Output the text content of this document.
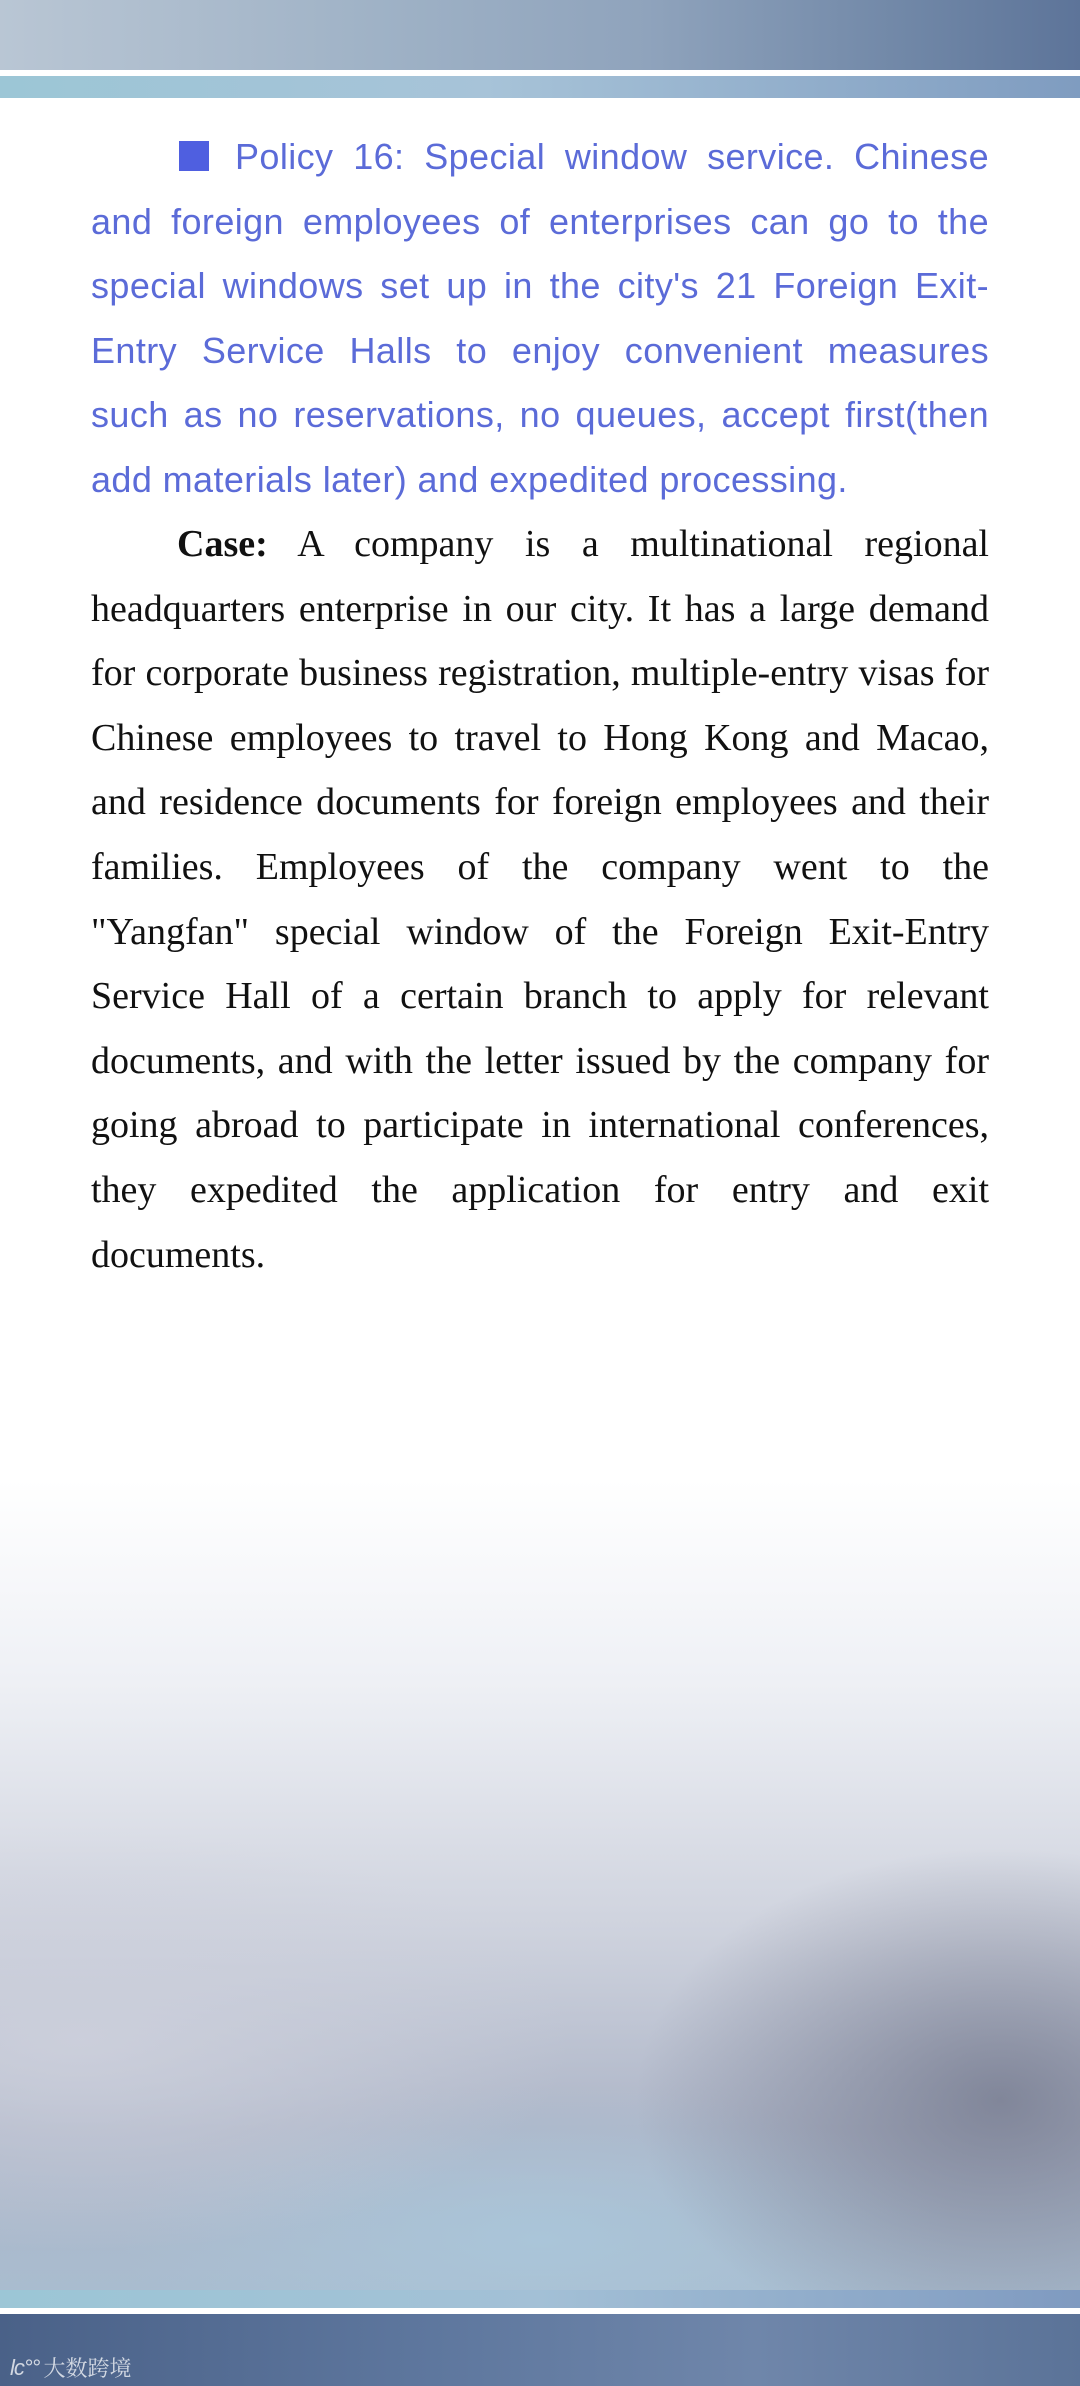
Policy 16: Special window service. Chinese and foreign employees of enterprises can go to the special windows set up in the city's 21 Foreign Exit-Entry Service Halls to enjoy convenient measures such as no reservations, no queues, accept first(then add materials later) and expedited processing.

Case: A company is a multinational regional headquarters enterprise in our city. It has a large demand for corporate business registration, multiple-entry visas for Chinese employees to travel to Hong Kong and Macao, and residence documents for foreign employees and their families. Employees of the company went to the "Yangfan" special window of the Foreign Exit-Entry Service Hall of a certain branch to apply for relevant documents, and with the letter issued by the company for going abroad to participate in international conferences, they expedited the application for entry and exit documents.

lc°° 大数跨境
